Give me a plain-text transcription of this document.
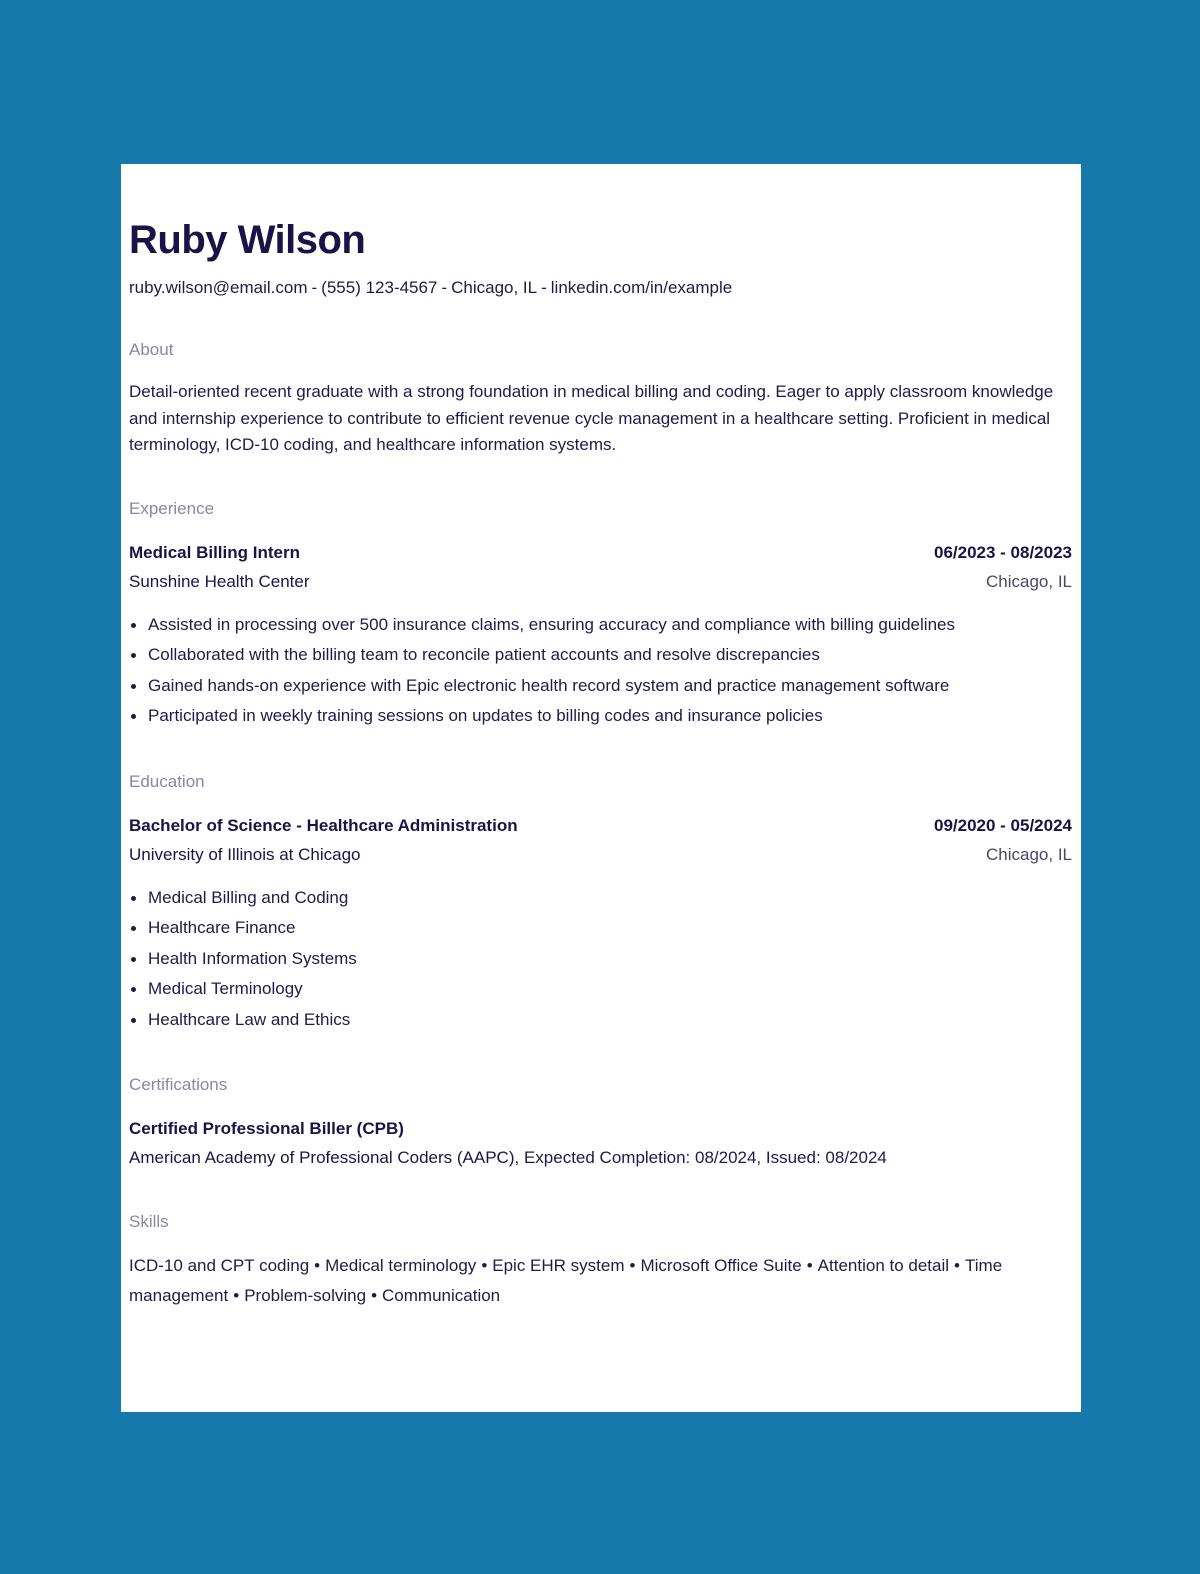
Ruby Wilson
ruby.wilson@email.com - (555) 123-4567 - Chicago, IL - linkedin.com/in/example
About
Detail-oriented recent graduate with a strong foundation in medical billing and coding. Eager to apply classroom knowledge and internship experience to contribute to efficient revenue cycle management in a healthcare setting. Proficient in medical terminology, ICD-10 coding, and healthcare information systems.
Experience
Medical Billing Intern	06/2023 - 08/2023
Sunshine Health Center	Chicago, IL
Assisted in processing over 500 insurance claims, ensuring accuracy and compliance with billing guidelines
Collaborated with the billing team to reconcile patient accounts and resolve discrepancies
Gained hands-on experience with Epic electronic health record system and practice management software
Participated in weekly training sessions on updates to billing codes and insurance policies
Education
Bachelor of Science - Healthcare Administration	09/2020 - 05/2024
University of Illinois at Chicago	Chicago, IL
Medical Billing and Coding
Healthcare Finance
Health Information Systems
Medical Terminology
Healthcare Law and Ethics
Certifications
Certified Professional Biller (CPB)
American Academy of Professional Coders (AAPC), Expected Completion: 08/2024, Issued: 08/2024
Skills
ICD-10 and CPT coding • Medical terminology • Epic EHR system • Microsoft Office Suite • Attention to detail • Time management • Problem-solving • Communication
